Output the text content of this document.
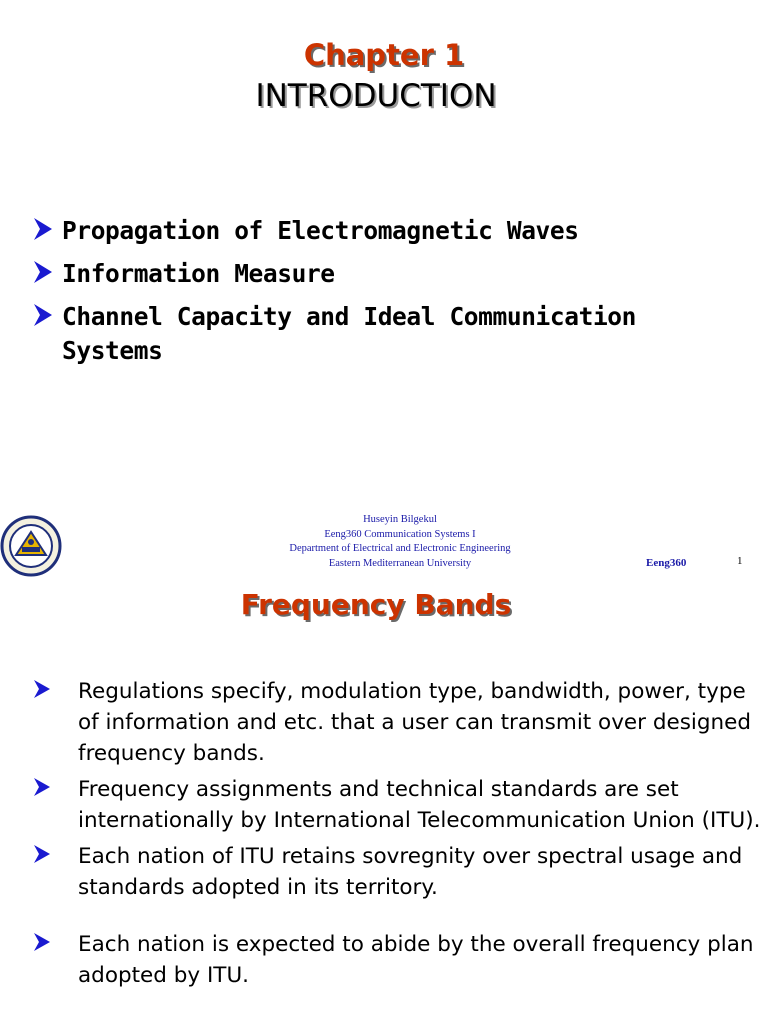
Chapter 1
INTRODUCTION
Propagation of Electromagnetic Waves
Information Measure
Channel Capacity and Ideal Communication Systems
Huseyin Bilgekul
Eeng360 Communication Systems I
Department of Electrical and Electronic Engineering
Eastern Mediterranean University	Eeng360	1
Frequency Bands
Regulations specify, modulation type, bandwidth, power, type of information and etc. that a user can transmit over designed frequency bands.
Frequency assignments and technical standards are set internationally by International Telecommunication Union (ITU).
Each nation of ITU retains sovregnity over spectral usage and standards adopted in its territory.
Each nation is expected to abide by the overall frequency plan adopted by ITU.
